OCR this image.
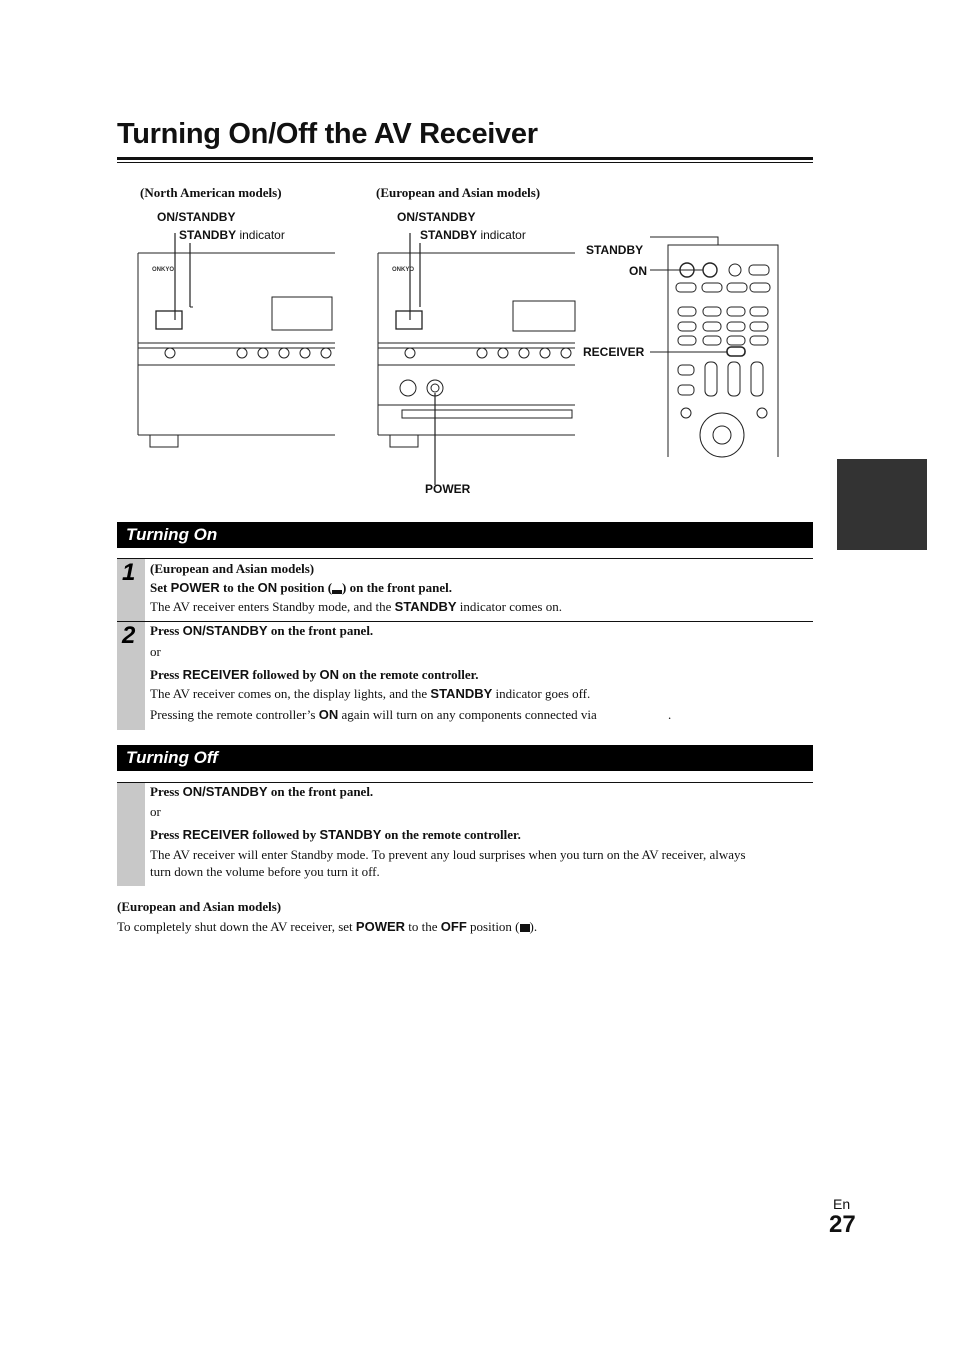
Turning On/Off the AV Receiver
(North American models)	(European and Asian models)
ON/STANDBY
STANDBY indicator
ON/STANDBY
STANDBY indicator
STANDBY
ON
RECEIVER
POWER
ONKYO	ONKYO
Turning On
1 (European and Asian models)
Set POWER to the ON position ( ) on the front panel.
The AV receiver enters Standby mode, and the STANDBY indicator comes on.
2 Press ON/STANDBY on the front panel.
or
Press RECEIVER followed by ON on the remote controller.
The AV receiver comes on, the display lights, and the STANDBY indicator goes off.
Pressing the remote controller’s ON again will turn on any components connected via	.
Turning Off
Press ON/STANDBY on the front panel.
or
Press RECEIVER followed by STANDBY on the remote controller.
The AV receiver will enter Standby mode. To prevent any loud surprises when you turn on the AV receiver, always
turn down the volume before you turn it off.
(European and Asian models)
To completely shut down the AV receiver, set POWER to the OFF position ( ).
En
27
